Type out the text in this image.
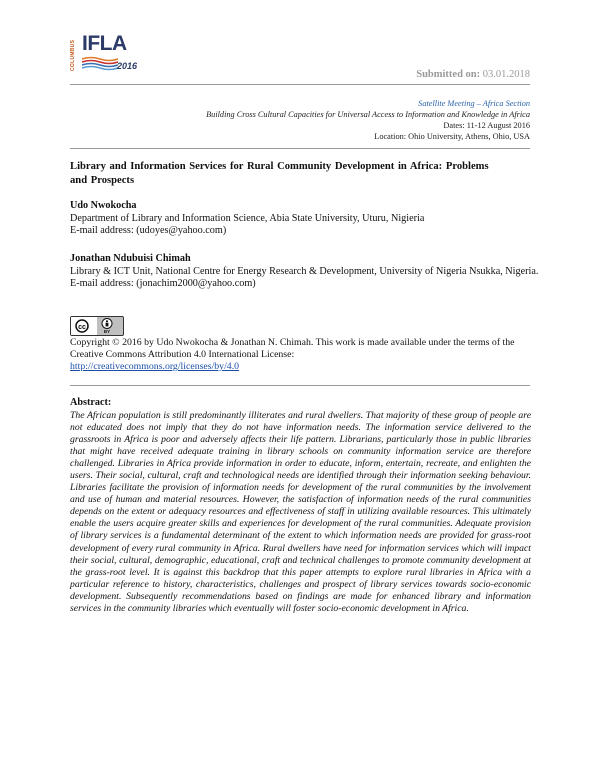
COLUMBUS IFLA
2016
Submitted on: 03.01.2018
Satellite Meeting – Africa Section
Building Cross Cultural Capacities for Universal Access to Information and Knowledge in Africa
Dates: 11-12 August 2016
Location: Ohio University, Athens, Ohio, USA
Library and Information Services for Rural Community Development in Africa: Problems and Prospects
Udo Nwokocha
Department of Library and Information Science, Abia State University, Uturu, Nigieria
E-mail address: (udoyes@yahoo.com)
Jonathan Ndubuisi Chimah
Library & ICT Unit, National Centre for Energy Research & Development, University of Nigeria Nsukka, Nigeria.
E-mail address: (jonachim2000@yahoo.com)
cc
BY
Copyright © 2016 by Udo Nwokocha & Jonathan N. Chimah. This work is made available under the terms of the Creative Commons Attribution 4.0 International License:
http://creativecommons.org/licenses/by/4.0
Abstract:
The African population is still predominantly illiterates and rural dwellers. That majority of these group of people are not educated does not imply that they do not have information needs. The information service delivered to the grassroots in Africa is poor and adversely affects their life pattern. Librarians, particularly those in public libraries that might have received adequate training in library schools on community information service are therefore challenged. Libraries in Africa provide information in order to educate, inform, entertain, recreate, and enlighten the users. Their social, cultural, craft and technological needs are identified through their information seeking behaviour. Libraries facilitate the provision of information needs for development of the rural communities by the involvement and use of human and material resources. However, the satisfaction of information needs of the rural communities depends on the extent or adequacy resources and effectiveness of staff in utilizing available resources. This ultimately enable the users acquire greater skills and experiences for development of the rural communities. Adequate provision of library services is a fundamental determinant of the extent to which information needs are provided for grass-root development of every rural community in Africa. Rural dwellers have need for information services which will impact their social, cultural, demographic, educational, craft and technical challenges to promote community development at the grass-root level. It is against this backdrop that this paper attempts to explore rural libraries in Africa with a particular reference to history, characteristics, challenges and prospect of library services towards socio-economic development. Subsequently recommendations based on findings are made for enhanced library and information services in the community libraries which eventually will foster socio-economic development in Africa.
